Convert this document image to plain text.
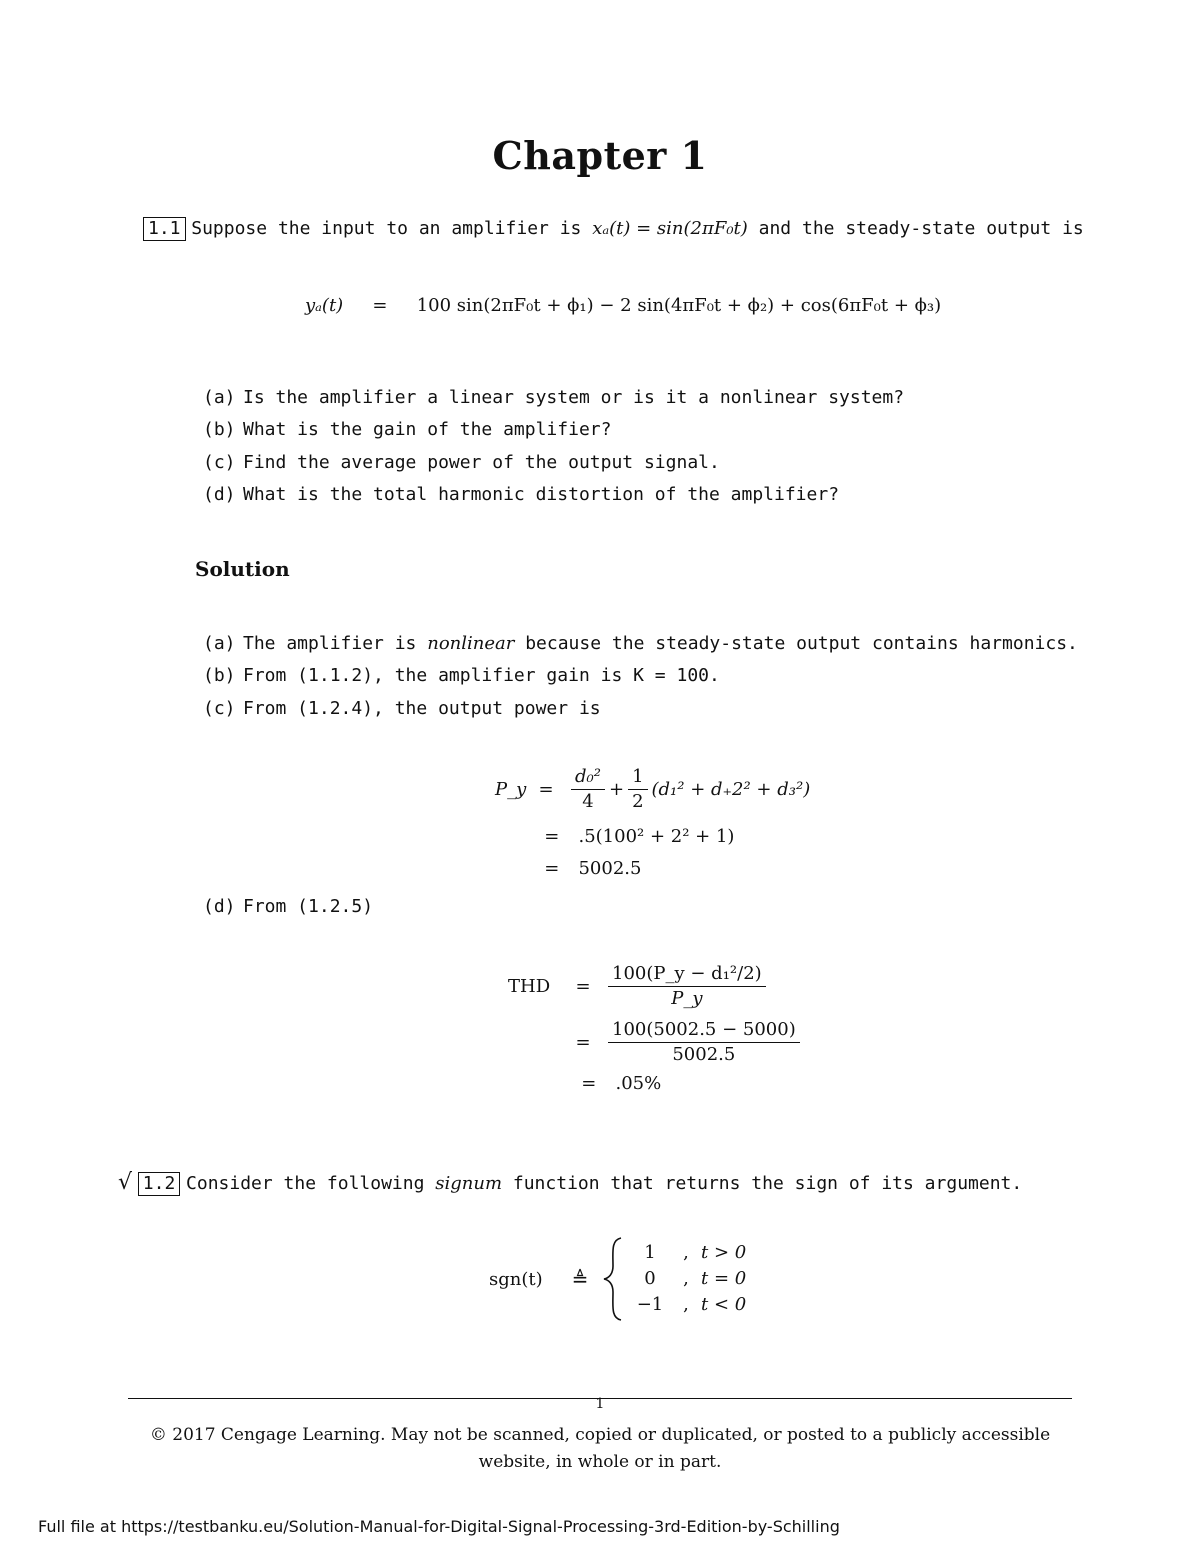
Chapter 1
1.1 Suppose the input to an amplifier is xₐ(t) = sin(2πF₀t) and the steady-state output is
yₐ(t) = 100 sin(2πF₀t + ϕ₁) − 2 sin(4πF₀t + ϕ₂) + cos(6πF₀t + ϕ₃)
(a) Is the amplifier a linear system or is it a nonlinear system?
(b) What is the gain of the amplifier?
(c) Find the average power of the output signal.
(d) What is the total harmonic distortion of the amplifier?
Solution
(a) The amplifier is nonlinear because the steady-state output contains harmonics.
(b) From (1.1.2), the amplifier gain is K = 100.
(c) From (1.2.4), the output power is
P_y = $\frac{\text{d₀²}}{4} + \frac{1}{2} (d_1^2 + d_+2^2 + d_3^2)$
= .5(100² + 2² + 1)
= 5002.5
(d) From (1.2.5)
THD	= $\frac{\text{100(P\_y − d₁²/2)}}{P\_y}$
= $\frac{100(5002.5 - 5000)}{5002.5}$
= .05%
√ 1.2 Consider the following signum function that returns the sign of its argument.
sgn(t)	≜
1 , t > 0
0 , t = 0
−1 , t < 0
1
© 2017 Cengage Learning. May not be scanned, copied or duplicated, or posted to a publicly accessible
website, in whole or in part.
Full file at https://testbanku.eu/Solution-Manual-for-Digital-Signal-Processing-3rd-Edition-by-Schilling
